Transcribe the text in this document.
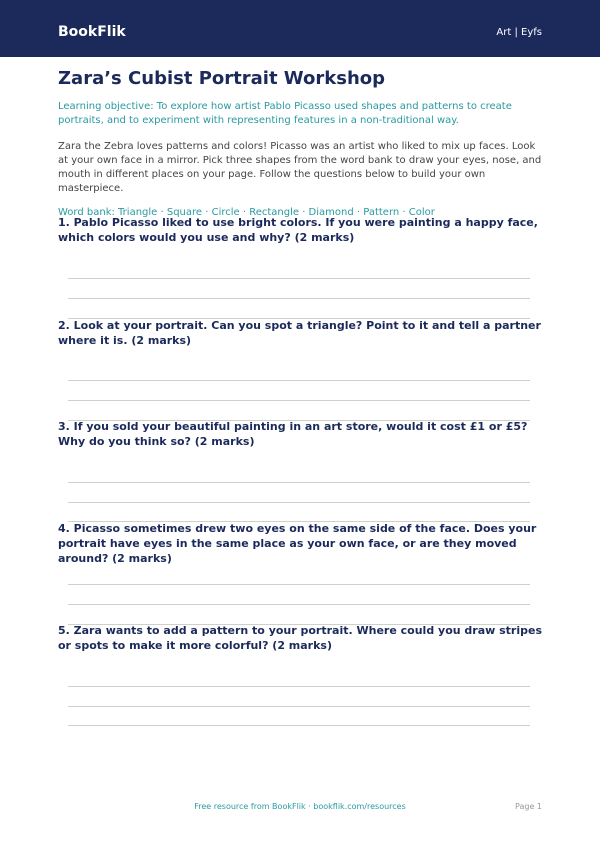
BookFlik	Art | Eyfs
Zara’s Cubist Portrait Workshop
Learning objective: To explore how artist Pablo Picasso used shapes and patterns to create portraits, and to experiment with representing features in a non-traditional way.
Zara the Zebra loves patterns and colors! Picasso was an artist who liked to mix up faces. Look at your own face in a mirror. Pick three shapes from the word bank to draw your eyes, nose, and mouth in different places on your page. Follow the questions below to build your own masterpiece.
Word bank: Triangle · Square · Circle · Rectangle · Diamond · Pattern · Color
1. Pablo Picasso liked to use bright colors. If you were painting a happy face, which colors would you use and why? (2 marks)
2. Look at your portrait. Can you spot a triangle? Point to it and tell a partner where it is. (2 marks)
3. If you sold your beautiful painting in an art store, would it cost £1 or £5? Why do you think so? (2 marks)
4. Picasso sometimes drew two eyes on the same side of the face. Does your portrait have eyes in the same place as your own face, or are they moved around? (2 marks)
5. Zara wants to add a pattern to your portrait. Where could you draw stripes or spots to make it more colorful? (2 marks)
Free resource from BookFlik · bookflik.com/resources	Page 1
